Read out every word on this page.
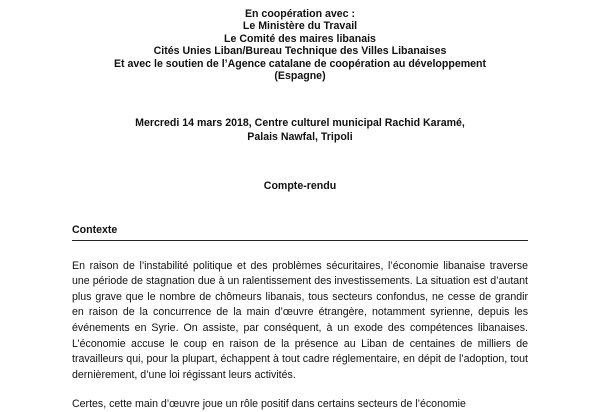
En coopération avec :
Le Ministère du Travail
Le Comité des maires libanais
Cités Unies Liban/Bureau Technique des Villes Libanaises
Et avec le soutien de l’Agence catalane de coopération au développement
(Espagne)
Mercredi 14 mars 2018, Centre culturel municipal Rachid Karamé,
Palais Nawfal, Tripoli
Compte-rendu
Contexte

En raison de l’instabilité politique et des problèmes sécuritaires, l’économie libanaise traverse une période de stagnation due à un ralentissement des investissements. La situation est d’autant plus grave que le nombre de chômeurs libanais, tous secteurs confondus, ne cesse de grandir en raison de la concurrence de la main d’œuvre étrangère, notamment syrienne, depuis les événements en Syrie. On assiste, par conséquent, à un exode des compétences libanaises. L’économie accuse le coup en raison de la présence au Liban de centaines de milliers de travailleurs qui, pour la plupart, échappent à tout cadre réglementaire, en dépit de l’adoption, tout dernièrement, d’une loi régissant leurs activités.

Certes, cette main d’œuvre joue un rôle positif dans certains secteurs de l’économie
